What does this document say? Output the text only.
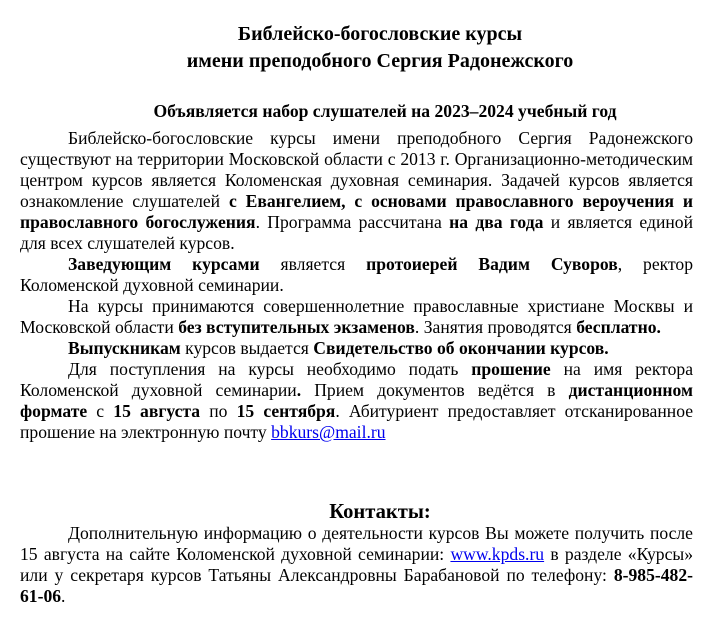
Библейско-богословские курсы
имени преподобного Сергия Радонежского
Объявляется набор слушателей на 2023–2024 учебный год

Библейско-богословские курсы имени преподобного Сергия Радонежского существуют на территории Московской области с 2013 г. Организационно-методическим центром курсов является Коломенская духовная семинария. Задачей курсов является ознакомление слушателей с Евангелием, с основами православного вероучения и православного богослужения. Программа рассчитана на два года и является единой для всех слушателей курсов.

Заведующим курсами является протоиерей Вадим Суворов, ректор Коломенской духовной семинарии.

На курсы принимаются совершеннолетние православные христиане Москвы и Московской области без вступительных экзаменов. Занятия проводятся бесплатно.

Выпускникам курсов выдается Свидетельство об окончании курсов.

Для поступления на курсы необходимо подать прошение на имя ректора Коломенской духовной семинарии. Прием документов ведётся в дистанционном формате с 15 августа по 15 сентября. Абитуриент предоставляет отсканированное прошение на электронную почту bbkurs@mail.ru

Контакты:

Дополнительную информацию о деятельности курсов Вы можете получить после 15 августа на сайте Коломенской духовной семинарии: www.kpds.ru в разделе «Курсы» или у секретаря курсов Татьяны Александровны Барабановой по телефону: 8-985-482-61-06.
